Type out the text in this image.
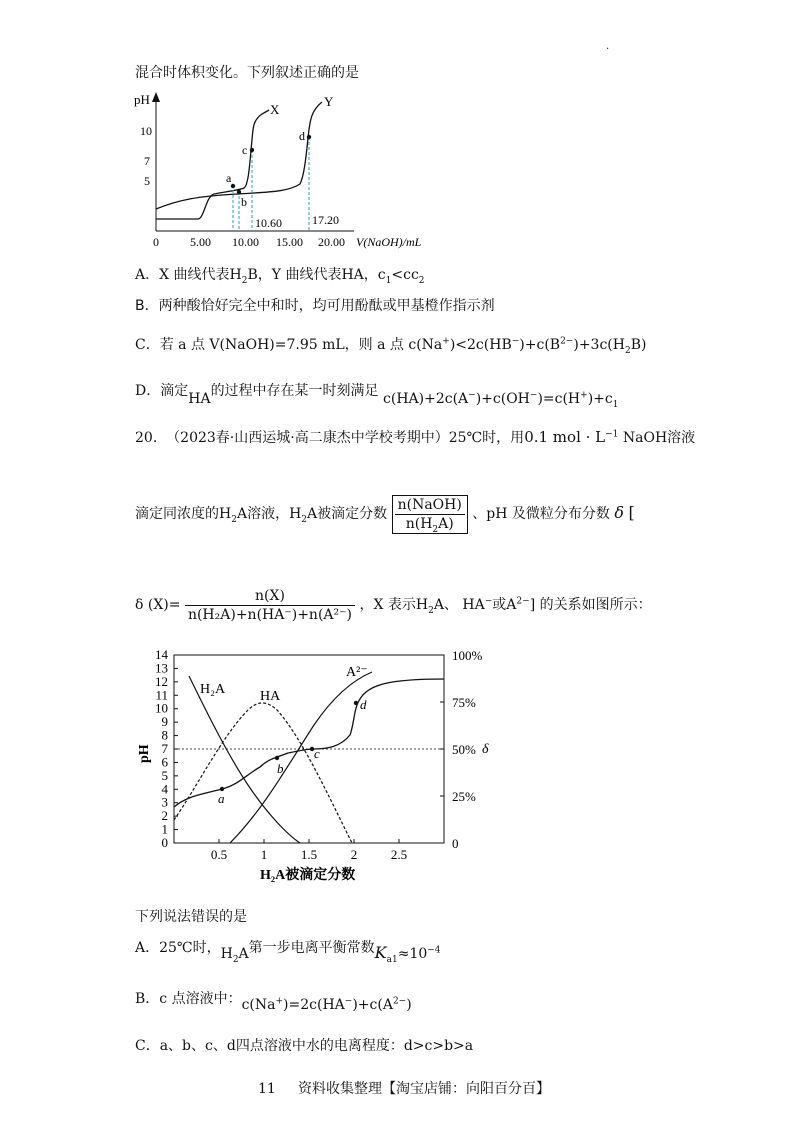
.
混合时体积变化。下列叙述正确的是
pH
10
7
5
0	5.00 10.00 15.00 20.00 V(NaOH)/mL
X
Y
a
b
c
d
10.60	17.20
A．X 曲线代表$H_2B$，Y 曲线代表HA，$c_1<cc_2$
B．两种酸恰好完全中和时，均可用酚酞或甲基橙作指示剂
C．若 a 点 V(NaOH)=7.95 mL，则 a 点 $c(Na^+)<2c(HB^-)+c(B^{2-})+3c(H_2B)$
D．滴定HA的过程中存在某一时刻满足 $c(HA)+2c(A^-)+c(OH^-)=c(H^+)+c_1$
20. （2023春·山西运城·高二康杰中学校考期中）25℃时，用0.1 mol · $L^{-1}$ NaOH溶液
滴定同浓度的$H_2A$溶液，$H_2A$被滴定分数 $\frac{\text{n(NaOH)}}{n(H_2A)}$ 、pH 及微粒分布分数 δ [
δ $(X)= \frac{n(X)}{\text{n(H₂A)+n(HA⁻)+n(A²⁻)}}$ ，X 表示$H_2A$、 HA−或$A^{2-}$] 的关系如图所示：
0
1
2
3
4
5
6
7
8
9
10
11
12
13
14
0
25%
50%
75%
100%
0.5	1	1.5	2	2.5
pH	δ
H₂A被滴定分数
a
b
c
d
H₂A HA
A²⁻
下列说法错误的是
A．25℃时，$H_2A$第一步电离平衡常数$K_{a1}\approx 10^{-4}$
B．c 点溶液中：$c(Na^+)=2c(HA^-)+c(A^{2-})$
C．a、b、c、d四点溶液中水的电离程度：d>c>b>a
11 资料收集整理【淘宝店铺：向阳百分百】
